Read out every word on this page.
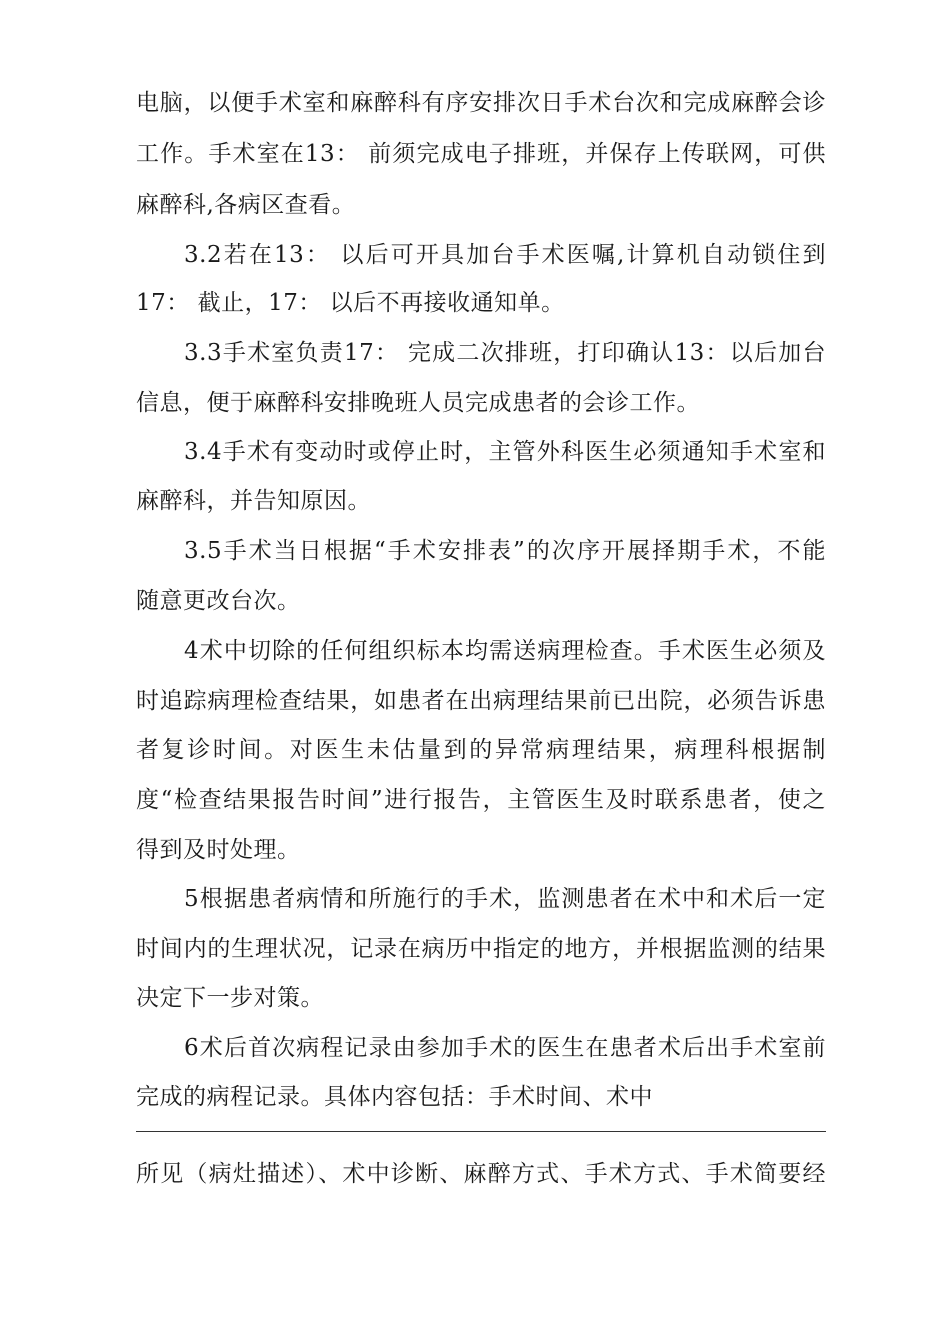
电脑，以便手术室和麻醉科有序安排次日手术台次和完成麻醉会诊
工作。手术室在13： 前须完成电子排班，并保存上传联网，可供
麻醉科,各病区查看。
3.2若在13： 以后可开具加台手术医嘱,计算机自动锁住到
17： 截止，17： 以后不再接收通知单。
3.3手术室负责17： 完成二次排班，打印确认13：以后加台
信息，便于麻醉科安排晚班人员完成患者的会诊工作。
3.4手术有变动时或停止时，主管外科医生必须通知手术室和
麻醉科，并告知原因。
3.5手术当日根据“手术安排表”的次序开展择期手术，不能
随意更改台次。
4术中切除的任何组织标本均需送病理检查。手术医生必须及
时追踪病理检查结果，如患者在出病理结果前已出院，必须告诉患
者复诊时间。对医生未估量到的异常病理结果，病理科根据制
度“检查结果报告时间”进行报告，主管医生及时联系患者，使之
得到及时处理。
5根据患者病情和所施行的手术，监测患者在术中和术后一定
时间内的生理状况，记录在病历中指定的地方，并根据监测的结果
决定下一步对策。
6术后首次病程记录由参加手术的医生在患者术后出手术室前
完成的病程记录。具体内容包括：手术时间、术中
所见（病灶描述）、术中诊断、麻醉方式、手术方式、手术简要经
